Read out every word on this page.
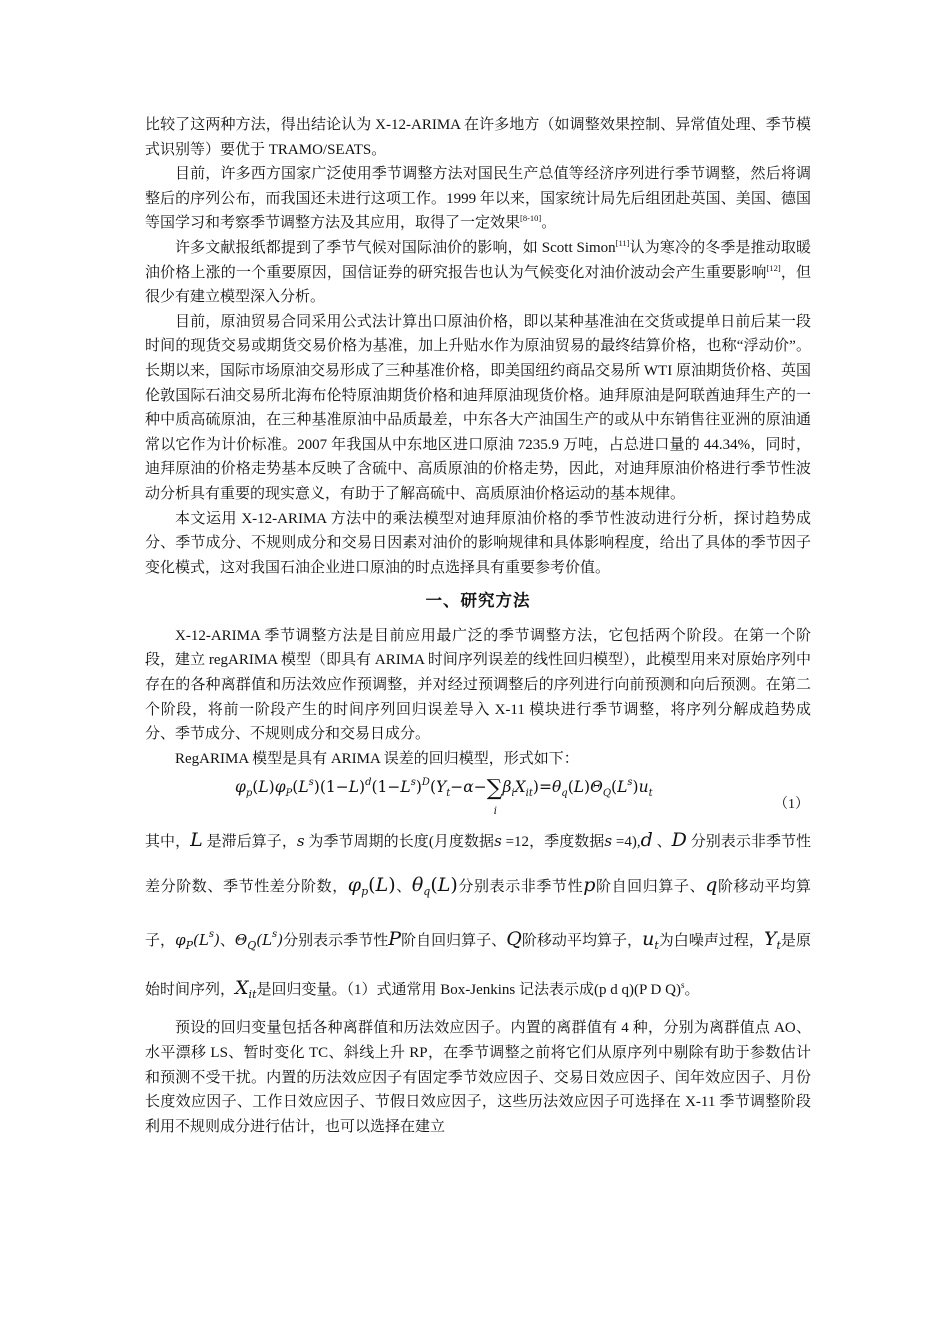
比较了这两种方法，得出结论认为 X-12-ARIMA 在许多地方（如调整效果控制、异常值处理、季节模式识别等）要优于 TRAMO/SEATS。

目前，许多西方国家广泛使用季节调整方法对国民生产总值等经济序列进行季节调整，然后将调整后的序列公布，而我国还未进行这项工作。1999 年以来，国家统计局先后组团赴英国、美国、德国等国学习和考察季节调整方法及其应用，取得了一定效果[8-10]。

许多文献报纸都提到了季节气候对国际油价的影响，如 Scott Simon[11]认为寒冷的冬季是推动取暖油价格上涨的一个重要原因，国信证券的研究报告也认为气候变化对油价波动会产生重要影响[12]，但很少有建立模型深入分析。

目前，原油贸易合同采用公式法计算出口原油价格，即以某种基准油在交货或提单日前后某一段时间的现货交易或期货交易价格为基准，加上升贴水作为原油贸易的最终结算价格，也称“浮动价”。长期以来，国际市场原油交易形成了三种基准价格，即美国纽约商品交易所 WTI 原油期货价格、英国伦敦国际石油交易所北海布伦特原油期货价格和迪拜原油现货价格。迪拜原油是阿联酋迪拜生产的一种中质高硫原油，在三种基准原油中品质最差，中东各大产油国生产的或从中东销售往亚洲的原油通常以它作为计价标准。2007 年我国从中东地区进口原油 7235.9 万吨，占总进口量的 44.34%，同时，迪拜原油的价格走势基本反映了含硫中、高质原油的价格走势，因此，对迪拜原油价格进行季节性波动分析具有重要的现实意义，有助于了解高硫中、高质原油价格运动的基本规律。

本文运用 X-12-ARIMA 方法中的乘法模型对迪拜原油价格的季节性波动进行分析，探讨趋势成分、季节成分、不规则成分和交易日因素对油价的影响规律和具体影响程度，给出了具体的季节因子变化模式，这对我国石油企业进口原油的时点选择具有重要参考价值。

一、研究方法

X-12-ARIMA 季节调整方法是目前应用最广泛的季节调整方法，它包括两个阶段。在第一个阶段，建立 regARIMA 模型（即具有 ARIMA 时间序列误差的线性回归模型），此模型用来对原始序列中存在的各种离群值和历法效应作预调整，并对经过预调整后的序列进行向前预测和向后预测。在第二个阶段，将前一阶段产生的时间序列回归误差导入 X-11 模块进行季节调整，将序列分解成趋势成分、季节成分、不规则成分和交易日成分。

RegARIMA 模型是具有 ARIMA 误差的回归模型，形式如下：

$\varphi_p(L)\varphi_P(L^s)(1-L)^d(1-L^s)^D(Y_t-\alpha-\sum$
i
$\beta_iX_{it})=\theta_q(L)\Theta_Q(L^s)u_t$
（1）

其中，L 是滞后算子，s 为季节周期的长度(月度数据s =12，季度数据s =4),d 、D 分别表示非季节性差分阶数、季节性差分阶数，$\varphi_p(L)$、$\theta_q(L)$分别表示非季节性p阶自回归算子、q阶移动平均算子，$\varphi_P(L^s)$、$\Theta_Q(L^s)$分别表示季节性P阶自回归算子、Q阶移动平均算子，$u_t$为白噪声过程，$Y_t$是原始时间序列，$X_{it}$是回归变量。（1）式通常用 Box-Jenkins 记法表示成(p d q)(P D Q)$^s$。

预设的回归变量包括各种离群值和历法效应因子。内置的离群值有 4 种，分别为离群值点 AO、水平漂移 LS、暂时变化 TC、斜线上升 RP，在季节调整之前将它们从原序列中剔除有助于参数估计和预测不受干扰。内置的历法效应因子有固定季节效应因子、交易日效应因子、闰年效应因子、月份长度效应因子、工作日效应因子、节假日效应因子，这些历法效应因子可选择在 X-11 季节调整阶段利用不规则成分进行估计，也可以选择在建立
